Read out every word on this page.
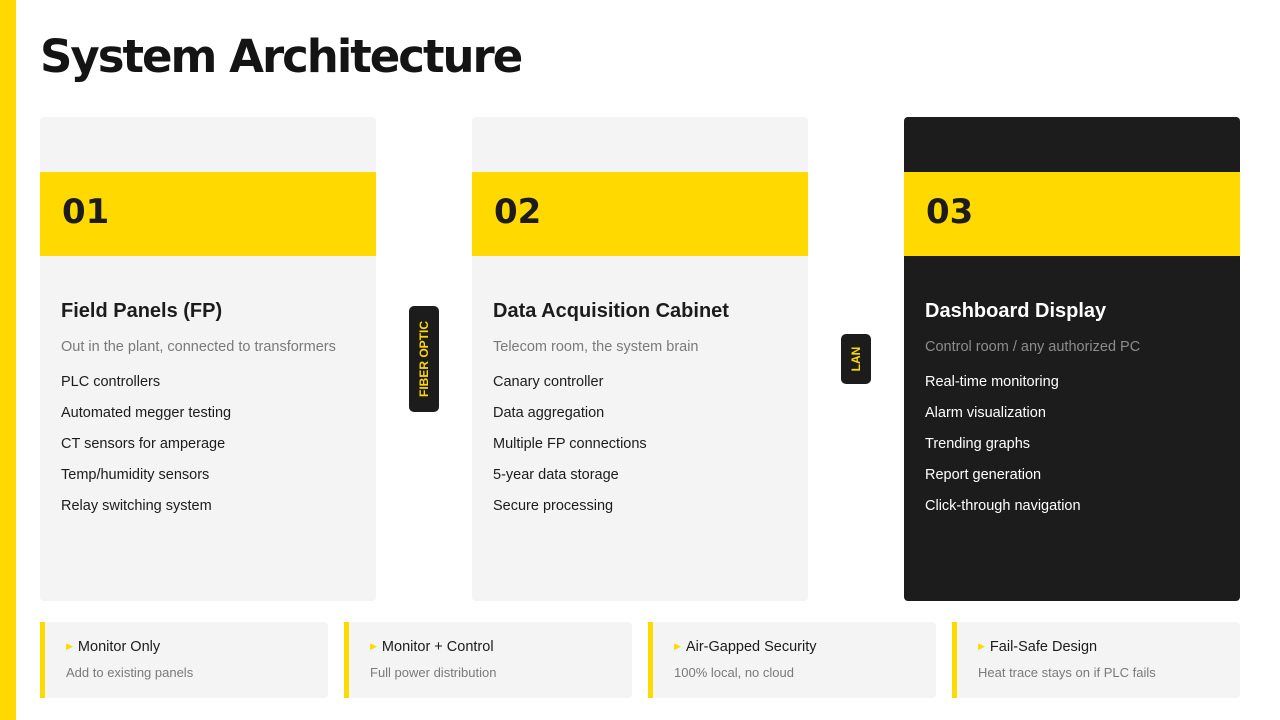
System Architecture
01
Field Panels (FP)
Out in the plant, connected to transformers
PLC controllers
Automated megger testing
CT sensors for amperage
Temp/humidity sensors
Relay switching system
FIBER OPTIC
02
Data Acquisition Cabinet
Telecom room, the system brain
Canary controller
Data aggregation
Multiple FP connections
5-year data storage
Secure processing
LAN
03
Dashboard Display
Control room / any authorized PC
Real-time monitoring
Alarm visualization
Trending graphs
Report generation
Click-through navigation
▶ Monitor Only
Add to existing panels
▶ Monitor + Control
Full power distribution
▶ Air-Gapped Security
100% local, no cloud
▶ Fail-Safe Design
Heat trace stays on if PLC fails
